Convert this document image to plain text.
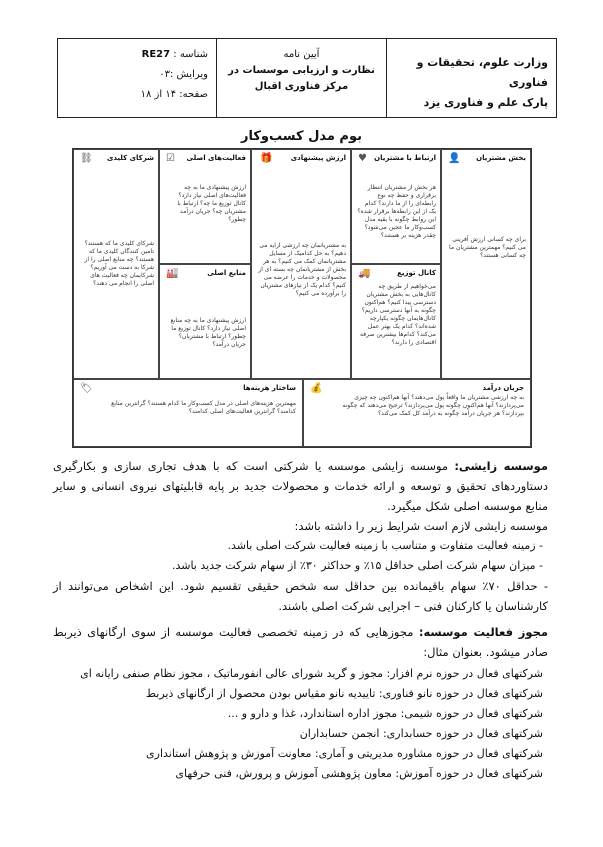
وزارت علوم، تحقیقات و فناوری
پارک علم و فناوری یزد
آیین نامه
نظارت و ارزیابی موسسات در
مرکز فناوری اقبال
شناسه : RE27
ویرایش :۰۳
صفحه: ۱۴ از ۱۸
بوم مدل کسب‌وکار
شرکای کلیدی
⛓
شرکای کلیدی ما که هستند؟ تامین کنندگان کلیدی ما که هستند؟ چه منابع اصلی را از شرکا به دست می آوریم؟ شرکایمان چه فعالیت های اصلی را انجام می دهند؟
فعالیت‌های اصلی
☑
ارزش پیشنهادی ما به چه فعالیت‌های اصلی نیاز دارد؟ کانال توزیع ما چه؟ ارتباط با مشتریان چه؟ جریان درآمد چطور؟
منابع اصلی
🏭
ارزش پیشنهادی ما به چه منابع اصلی نیاز دارد؟ کانال توزیع ما چطور؟ ارتباط با مشتریان؟ جریان درآمد؟
ارزش پیشنهادی
🎁
به مشتریانمان چه ارزشی ارایه می دهیم؟ به حل کدامیک از مسایل مشتریانمان کمک می کنیم؟ به هر بخش از مشتریانمان چه بسته ای از محصولات و خدمات را عرضه می کنیم؟ کدام یک از نیازهای مشتریان را برآورده می کنیم؟
ارتباط با مشتریان
♥
هر بخش از مشتریان انتظار برقراری و حفظ چه نوع رابطه‌ای را از ما دارند؟ کدام یک از این رابطه‌ها برقرار شده؟ این روابط چگونه با بقیه مدل کسب‌وکار ما عجین می‌شود؟ چقدر هزینه بر هستند؟
کانال توزیع
🚚
می‌خواهیم از طریق چه کانال‌هایی به بخش مشتریان دسترسی پیدا کنیم؟ هم‌اکنون چگونه به آنها دسترسی داریم؟ کانال‌هایمان چگونه یکپارچه شده‌اند؟ کدام یک بهتر عمل می‌کند؟ کدام‌ها بیشترین صرفه اقتصادی را دارند؟
بخش مشتریان
👤
برای چه کسانی ارزش آفرینی می کنیم؟ مهمترین مشتریان ما چه کسانی هستند؟
ساختار هزینه‌ها
🏷
مهمترین هزینه‌های اصلی در مدل کسب‌وکار ما کدام هستند؟ گرانترین منابع کدامند؟ گرانترین فعالیت‌های اصلی کدامند؟
جریان درآمد
💰
به چه ارزشی مشتریان ما واقعاً پول می‌دهند؟ آنها هم‌اکنون چه چیزی می‌پردازند؟ آنها هم‌اکنون چگونه پول می‌پردازند؟ ترجیح می‌دهند که چگونه بپردازند؟ هر جریان درآمد چگونه به درآمد کل کمک می‌کند؟
موسسه زایشی: موسسه زایشی موسسه یا شرکتی است که با هدف تجاری سازی و بکارگیری دستاوردهای تحقیق و توسعه و ارائه خدمات و محصولات جدید بر پایه قابلیتهای نیروی انسانی و سایر منابع موسسه اصلی شکل میگیرد.
موسسه زایشی لازم است شرایط زیر را داشته باشد:
- زمینه فعالیت متفاوت و متناسب با زمینه فعالیت شرکت اصلی باشد.
- میزان سهام شرکت اصلی حداقل ۱۵٪ و حداکثر ۳۰٪ از سهام شرکت جدید باشد.
- حداقل ۷۰٪ سهام باقیمانده بین حداقل سه شخص حقیقی تقسیم شود. این اشخاص می‌توانند از کارشناسان یا کارکنان فنی – اجرایی شرکت اصلی باشند.
مجوز فعالیت موسسه: مجوزهایی که در زمینه تخصصی فعالیت موسسه از سوی ارگانهای ذیربط صادر میشود. بعنوان مثال:
شرکتهای فعال در حوزه نرم افزار: مجوز و گرید شورای عالی انفورماتیک ، مجوز نظام صنفی رایانه ای
شرکتهای فعال در حوزه نانو فناوری: تاییدیه نانو مقیاس بودن محصول از ارگانهای ذیربط
شرکتهای فعال در حوزه شیمی: مجوز اداره استاندارد، غذا و دارو و ...
شرکتهای فعال در حوزه حسابداری: انجمن حسابداران
شرکتهای فعال در حوزه مشاوره مدیریتی و آماری: معاونت آموزش و پژوهش استانداری
شرکتهای فعال در حوزه آموزش: معاون پژوهشی آموزش و پرورش، فنی حرفهای
